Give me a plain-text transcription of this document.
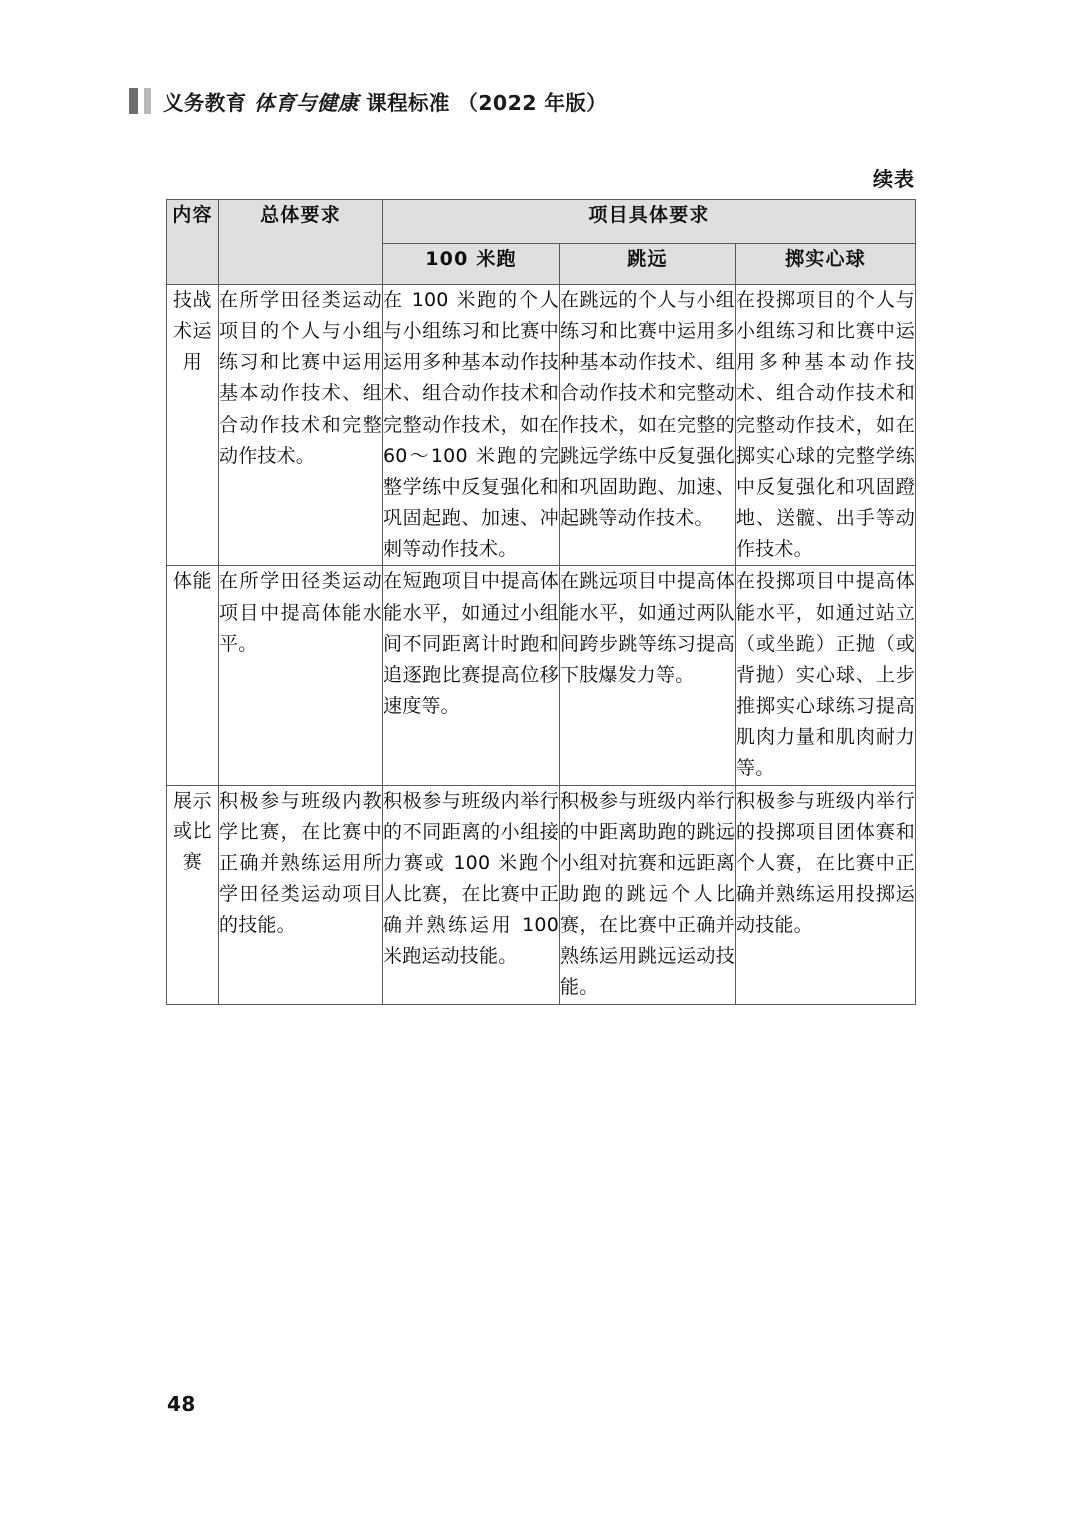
义务教育 体育与健康 课程标准 （2022 年版）
续表
内容	总体要求	项目具体要求		
		100 米跑	跳远	掷实心球
技战术运用	在所学田径类运动项目的个人与小组练习和比赛中运用基本动作技术、组合动作技术和完整动作技术。	在 100 米跑的个人与小组练习和比赛中运用多种基本动作技术、组合动作技术和完整动作技术，如在 60～100 米跑的完整学练中反复强化和巩固起跑、加速、冲刺等动作技术。	在跳远的个人与小组练习和比赛中运用多种基本动作技术、组合动作技术和完整动作技术，如在完整的跳远学练中反复强化和巩固助跑、加速、起跳等动作技术。	在投掷项目的个人与小组练习和比赛中运用多种基本动作技术、组合动作技术和完整动作技术，如在掷实心球的完整学练中反复强化和巩固蹬地、送髋、出手等动作技术。
体能	在所学田径类运动项目中提高体能水平。	在短跑项目中提高体能水平，如通过小组间不同距离计时跑和追逐跑比赛提高位移速度等。	在跳远项目中提高体能水平，如通过两队间跨步跳等练习提高下肢爆发力等。	在投掷项目中提高体能水平，如通过站立（或坐跪）正抛（或背抛）实心球、上步推掷实心球练习提高肌肉力量和肌肉耐力等。
展示或比赛	积极参与班级内教学比赛，在比赛中正确并熟练运用所学田径类运动项目的技能。	积极参与班级内举行的不同距离的小组接力赛或 100 米跑个人比赛，在比赛中正确并熟练运用 100 米跑运动技能。	积极参与班级内举行的中距离助跑的跳远小组对抗赛和远距离助跑的跳远个人比赛，在比赛中正确并熟练运用跳远运动技能。	积极参与班级内举行的投掷项目团体赛和个人赛，在比赛中正确并熟练运用投掷运动技能。
48
